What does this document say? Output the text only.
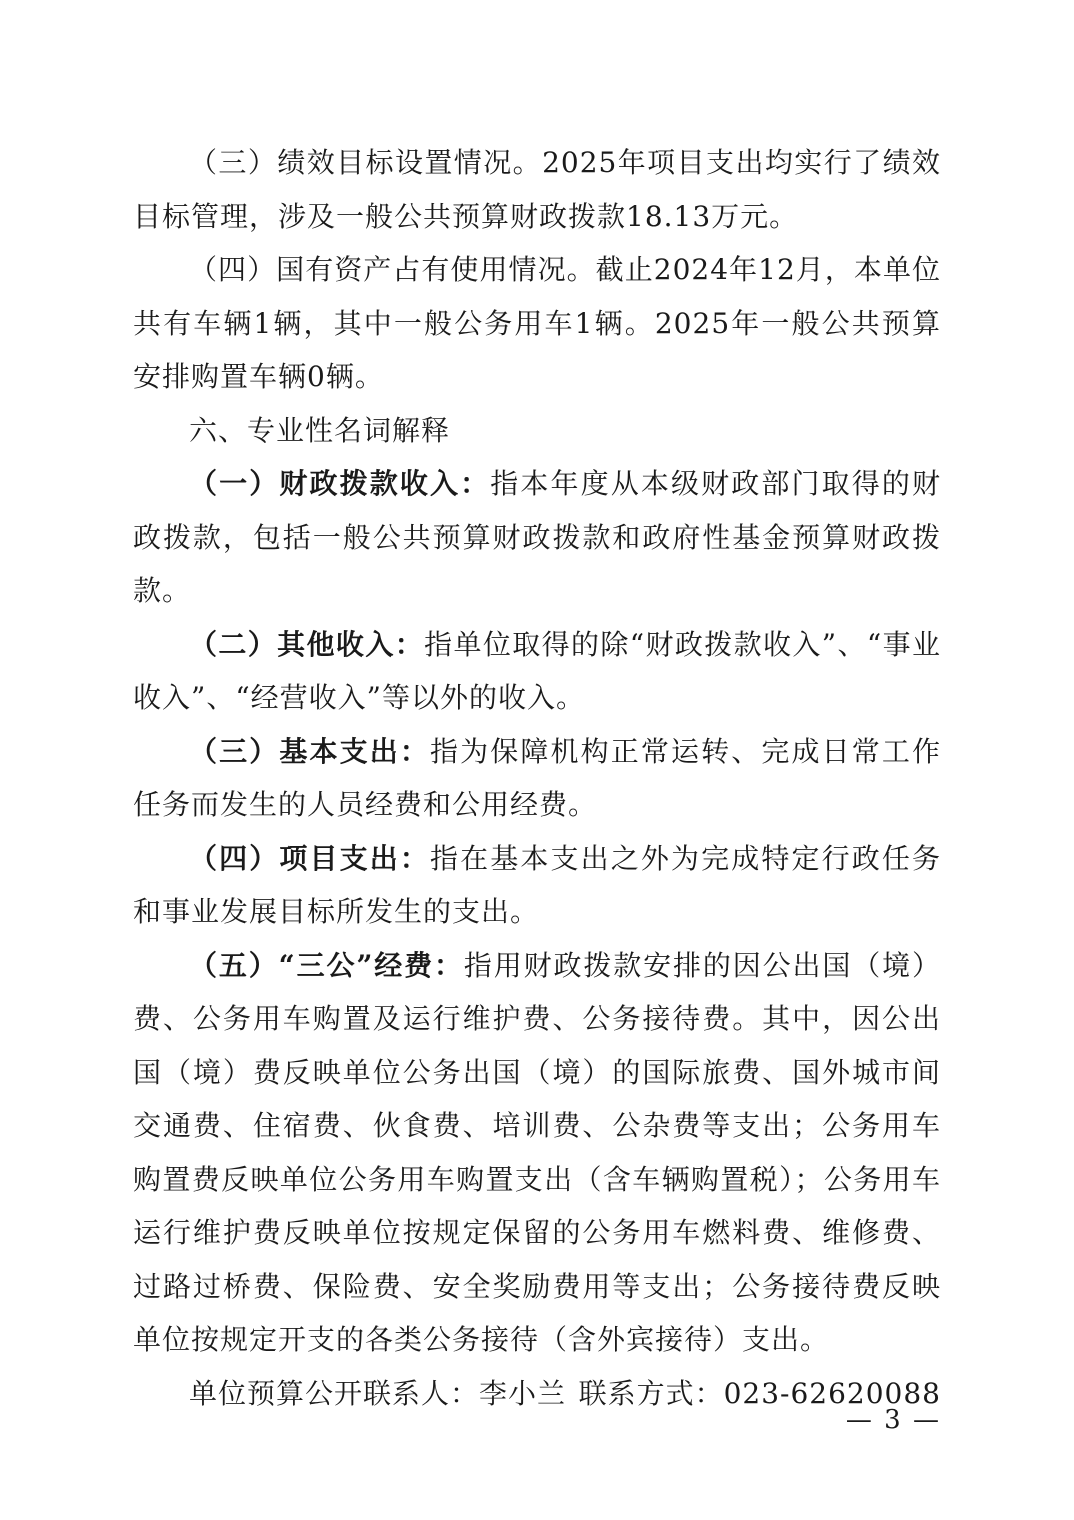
（三）绩效目标设置情况。2025年项目支出均实行了绩效目标管理，涉及一般公共预算财政拨款18.13万元。

（四）国有资产占有使用情况。截止2024年12月，本单位共有车辆1辆，其中一般公务用车1辆。2025年一般公共预算安排购置车辆0辆。

六、专业性名词解释

（一）财政拨款收入：指本年度从本级财政部门取得的财政拨款，包括一般公共预算财政拨款和政府性基金预算财政拨款。

（二）其他收入：指单位取得的除“财政拨款收入”、“事业收入”、“经营收入”等以外的收入。

（三）基本支出：指为保障机构正常运转、完成日常工作任务而发生的人员经费和公用经费。

（四）项目支出：指在基本支出之外为完成特定行政任务和事业发展目标所发生的支出。

（五）“三公”经费：指用财政拨款安排的因公出国（境）费、公务用车购置及运行维护费、公务接待费。其中，因公出国（境）费反映单位公务出国（境）的国际旅费、国外城市间交通费、住宿费、伙食费、培训费、公杂费等支出；公务用车购置费反映单位公务用车购置支出（含车辆购置税）；公务用车运行维护费反映单位按规定保留的公务用车燃料费、维修费、过路过桥费、保险费、安全奖励费用等支出；公务接待费反映单位按规定开支的各类公务接待（含外宾接待）支出。

单位预算公开联系人：李小兰 联系方式：023-62620088

— 3 —
